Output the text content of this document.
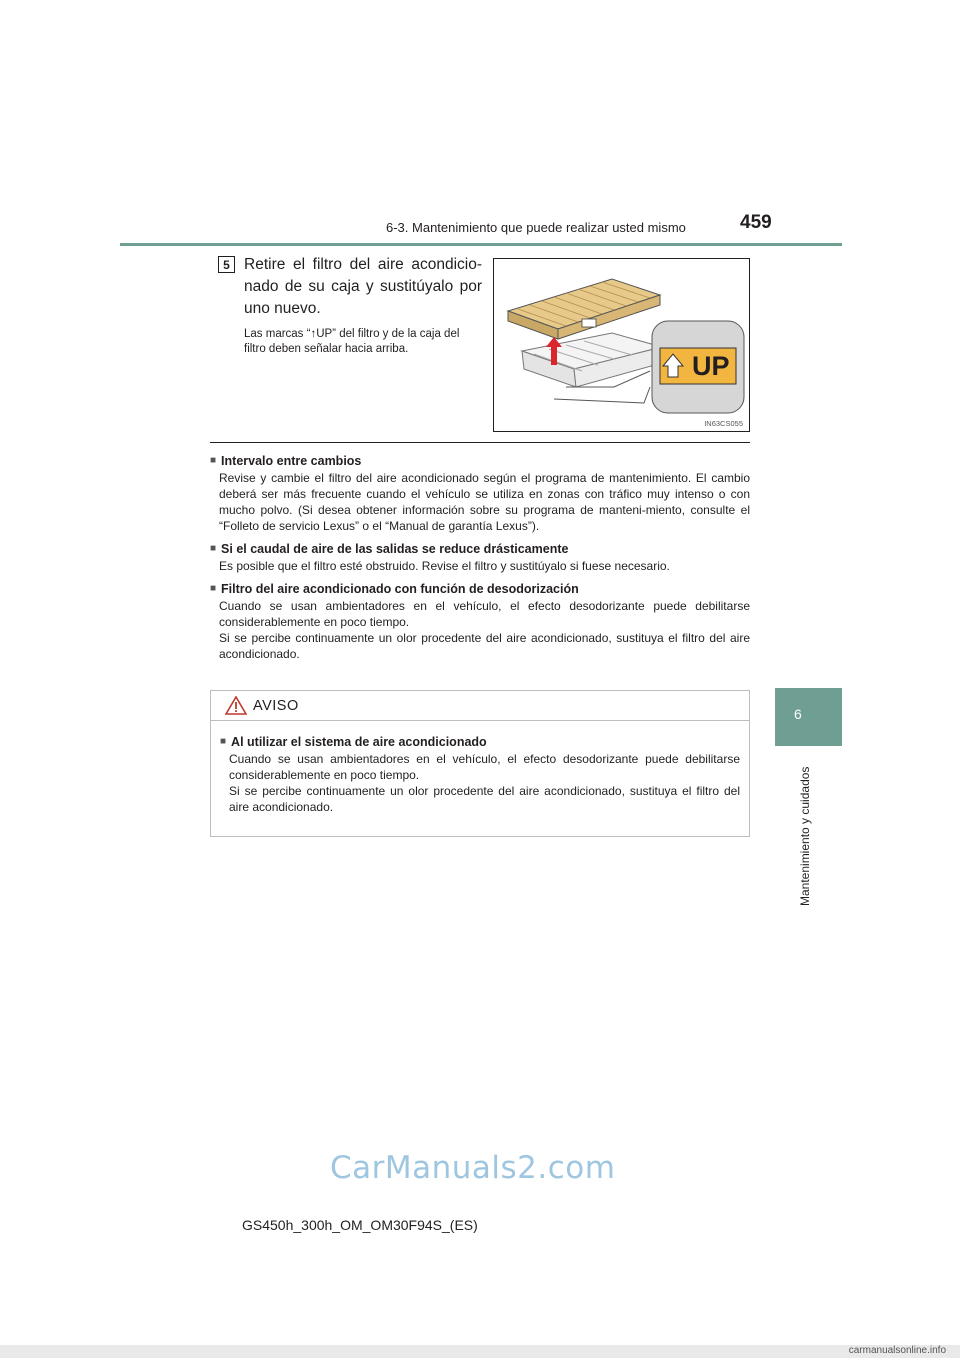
6-3. Mantenimiento que puede realizar usted mismo	459
6
Mantenimiento y cuidados
5 Retire el filtro del aire acondicio-nado de su caja y sustitúyalo por uno nuevo.
Las marcas “↑UP” del filtro y de la caja del filtro deben señalar hacia arriba.
UP
IN63CS055
■ Intervalo entre cambios
Revise y cambie el filtro del aire acondicionado según el programa de mantenimiento. El cambio deberá ser más frecuente cuando el vehículo se utiliza en zonas con tráfico muy intenso o con mucho polvo. (Si desea obtener información sobre su programa de manteni-miento, consulte el “Folleto de servicio Lexus” o el “Manual de garantía Lexus”).
■ Si el caudal de aire de las salidas se reduce drásticamente
Es posible que el filtro esté obstruido. Revise el filtro y sustitúyalo si fuese necesario.
■ Filtro del aire acondicionado con función de desodorización
Cuando se usan ambientadores en el vehículo, el efecto desodorizante puede debilitarse considerablemente en poco tiempo.
Si se percibe continuamente un olor procedente del aire acondicionado, sustituya el filtro del aire acondicionado.
AVISO
■ Al utilizar el sistema de aire acondicionado
Cuando se usan ambientadores en el vehículo, el efecto desodorizante puede debilitarse considerablemente en poco tiempo.
Si se percibe continuamente un olor procedente del aire acondicionado, sustituya el filtro del aire acondicionado.
CarManuals2.com
GS450h_300h_OM_OM30F94S_(ES)
carmanualsonline.info
